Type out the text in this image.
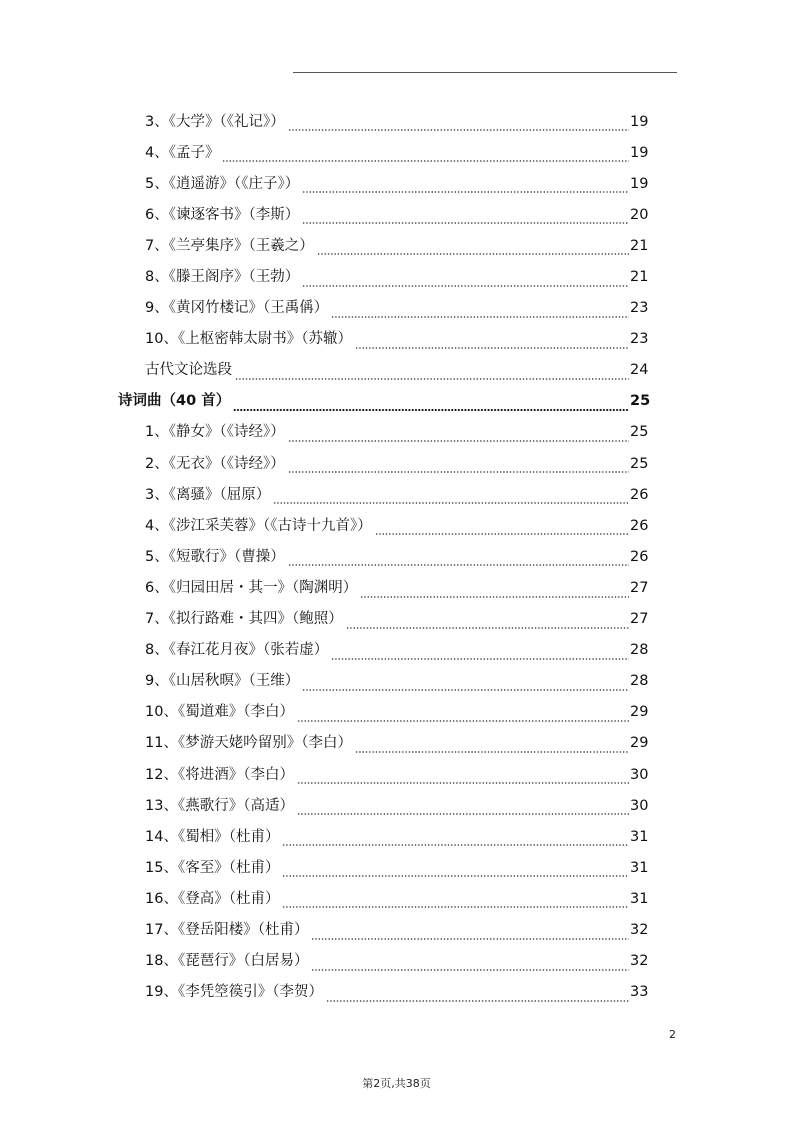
3、《大学》（《礼记》）	19
4、《孟子》	19
5、《逍遥游》（《庄子》）	19
6、《谏逐客书》（李斯）	20
7、《兰亭集序》（王羲之）	21
8、《滕王阁序》（王勃）	21
9、《黄冈竹楼记》（王禹偁）	23
10、《上枢密韩太尉书》（苏辙）	23
古代文论选段	24
诗词曲（40 首）	25
1、《静女》（《诗经》）	25
2、《无衣》（《诗经》）	25
3、《离骚》（屈原）	26
4、《涉江采芙蓉》（《古诗十九首》）	26
5、《短歌行》（曹操）	26
6、《归园田居・其一》（陶渊明）	27
7、《拟行路难・其四》（鲍照）	27
8、《春江花月夜》（张若虚）	28
9、《山居秋暝》（王维）	28
10、《蜀道难》（李白）	29
11、《梦游天姥吟留别》（李白）	29
12、《将进酒》（李白）	30
13、《燕歌行》（高适）	30
14、《蜀相》（杜甫）	31
15、《客至》（杜甫）	31
16、《登高》（杜甫）	31
17、《登岳阳楼》（杜甫）	32
18、《琵琶行》（白居易）	32
19、《李凭箜篌引》（李贺）	33
2
第2页,共38页
